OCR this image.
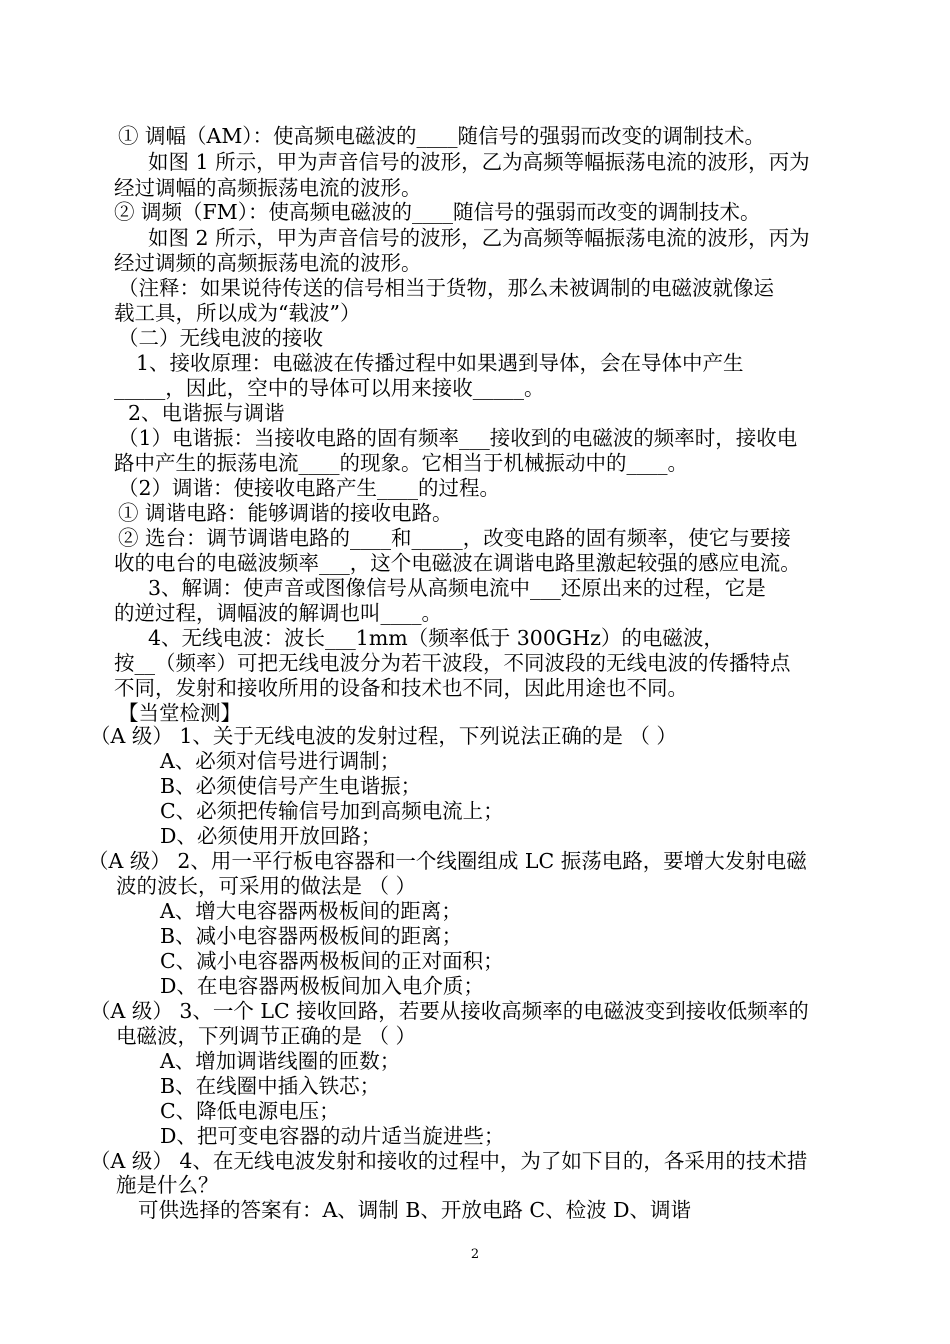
① 调幅（AM）：使高频电磁波的____随信号的强弱而改变的调制技术。
如图 1 所示，甲为声音信号的波形，乙为高频等幅振荡电流的波形，丙为
经过调幅的高频振荡电流的波形。
② 调频（FM）：使高频电磁波的____随信号的强弱而改变的调制技术。
如图 2 所示，甲为声音信号的波形，乙为高频等幅振荡电流的波形，丙为
经过调频的高频振荡电流的波形。
（注释：如果说待传送的信号相当于货物，那么未被调制的电磁波就像运
载工具，所以成为“载波”）
（二）无线电波的接收
1、接收原理：电磁波在传播过程中如果遇到导体，会在导体中产生
_____，因此，空中的导体可以用来接收_____。
2、电谐振与调谐
（1）电谐振：当接收电路的固有频率___接收到的电磁波的频率时，接收电
路中产生的振荡电流____的现象。它相当于机械振动中的____。
（2）调谐：使接收电路产生____的过程。
① 调谐电路：能够调谐的接收电路。
② 选台：调节调谐电路的____和_____，改变电路的固有频率，使它与要接
收的电台的电磁波频率___，这个电磁波在调谐电路里激起较强的感应电流。
3、解调：使声音或图像信号从高频电流中___还原出来的过程，它是
的逆过程，调幅波的解调也叫____。
4、无线电波：波长___1mm（频率低于 300GHz）的电磁波，
按__（频率）可把无线电波分为若干波段，不同波段的无线电波的传播特点
不同，发射和接收所用的设备和技术也不同，因此用途也不同。
【当堂检测】
（A 级） 1、关于无线电波的发射过程，下列说法正确的是 （ ）
A、必须对信号进行调制；
B、必须使信号产生电谐振；
C、必须把传输信号加到高频电流上；
D、必须使用开放回路；
（A 级） 2、用一平行板电容器和一个线圈组成 LC 振荡电路，要增大发射电磁
波的波长，可采用的做法是 （ ）
A、增大电容器两极板间的距离；
B、减小电容器两极板间的距离；
C、减小电容器两极板间的正对面积；
D、在电容器两极板间加入电介质；
（A 级） 3、一个 LC 接收回路，若要从接收高频率的电磁波变到接收低频率的
电磁波，下列调节正确的是 （ ）
A、增加调谐线圈的匝数；
B、在线圈中插入铁芯；
C、降低电源电压；
D、把可变电容器的动片适当旋进些；
（A 级） 4、在无线电波发射和接收的过程中，为了如下目的，各采用的技术措
施是什么？
可供选择的答案有：A、调制 B、开放电路 C、检波 D、调谐
2
